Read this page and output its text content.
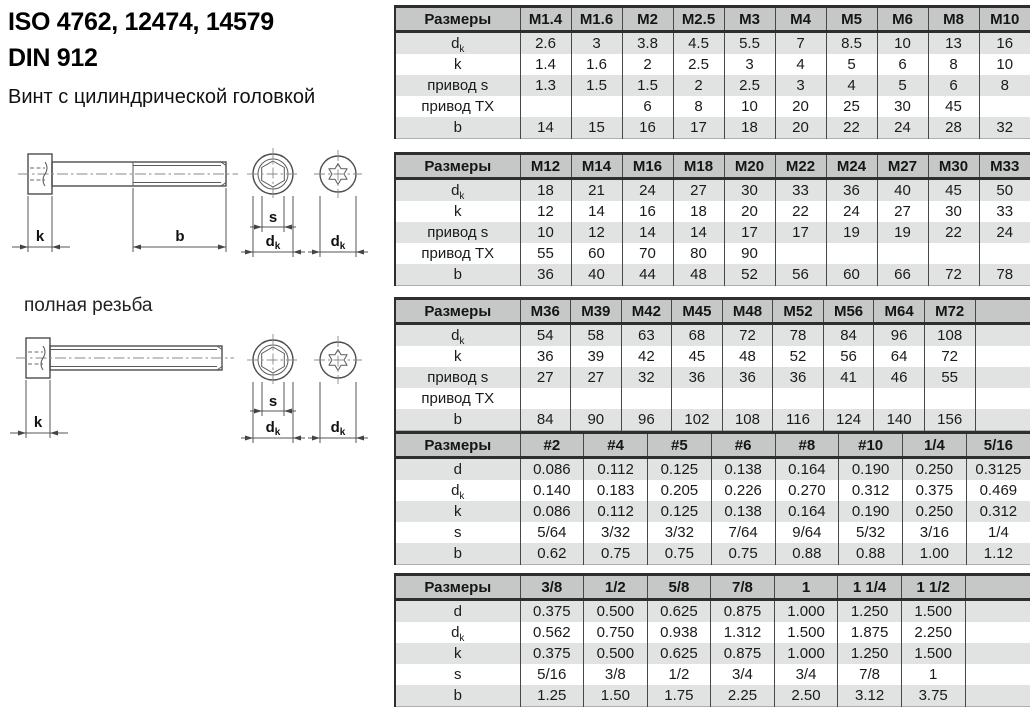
ISO 4762, 12474, 14579
DIN 912
Винт с цилиндрической головкой
k	b
s
$d_k$	$d_k$
полная резьба
k
s
$d_k$	$d_k$
Размеры	M1.4	M1.6	M2	M2.5	M3	M4	M5	M6	M8	M10
$d_k$	2.6	3	3.8	4.5	5.5	7	8.5	10	13	16
k	1.4	1.6	2	2.5	3	4	5	6	8	10
привод s	1.3	1.5	1.5	2	2.5	3	4	5	6	8
привод TX			6	8	10	20	25	30	45	
b	14	15	16	17	18	20	22	24	28	32
Размеры	M12	M14	M16	M18	M20	M22	M24	M27	M30	M33
$d_k$	18	21	24	27	30	33	36	40	45	50
k	12	14	16	18	20	22	24	27	30	33
привод s	10	12	14	14	17	17	19	19	22	24
привод TX	55	60	70	80	90					
b	36	40	44	48	52	56	60	66	72	78
Размеры	M36	M39	M42	M45	M48	M52	M56	M64	M72	
$d_k$	54	58	63	68	72	78	84	96	108	
k	36	39	42	45	48	52	56	64	72	
привод s	27	27	32	36	36	36	41	46	55	
привод TX										
b	84	90	96	102	108	116	124	140	156	
Размеры	#2	#4	#5	#6	#8	#10	1/4	5/16
d	0.086	0.112	0.125	0.138	0.164	0.190	0.250	0.3125
$d_k$	0.140	0.183	0.205	0.226	0.270	0.312	0.375	0.469
k	0.086	0.112	0.125	0.138	0.164	0.190	0.250	0.312
s	5/64	3/32	3/32	7/64	9/64	5/32	3/16	1/4
b	0.62	0.75	0.75	0.75	0.88	0.88	1.00	1.12
Размеры	3/8	1/2	5/8	7/8	1	1 1/4	1 1/2	
d	0.375	0.500	0.625	0.875	1.000	1.250	1.500	
$d_k$	0.562	0.750	0.938	1.312	1.500	1.875	2.250	
k	0.375	0.500	0.625	0.875	1.000	1.250	1.500	
s	5/16	3/8	1/2	3/4	3/4	7/8	1	
b	1.25	1.50	1.75	2.25	2.50	3.12	3.75	
